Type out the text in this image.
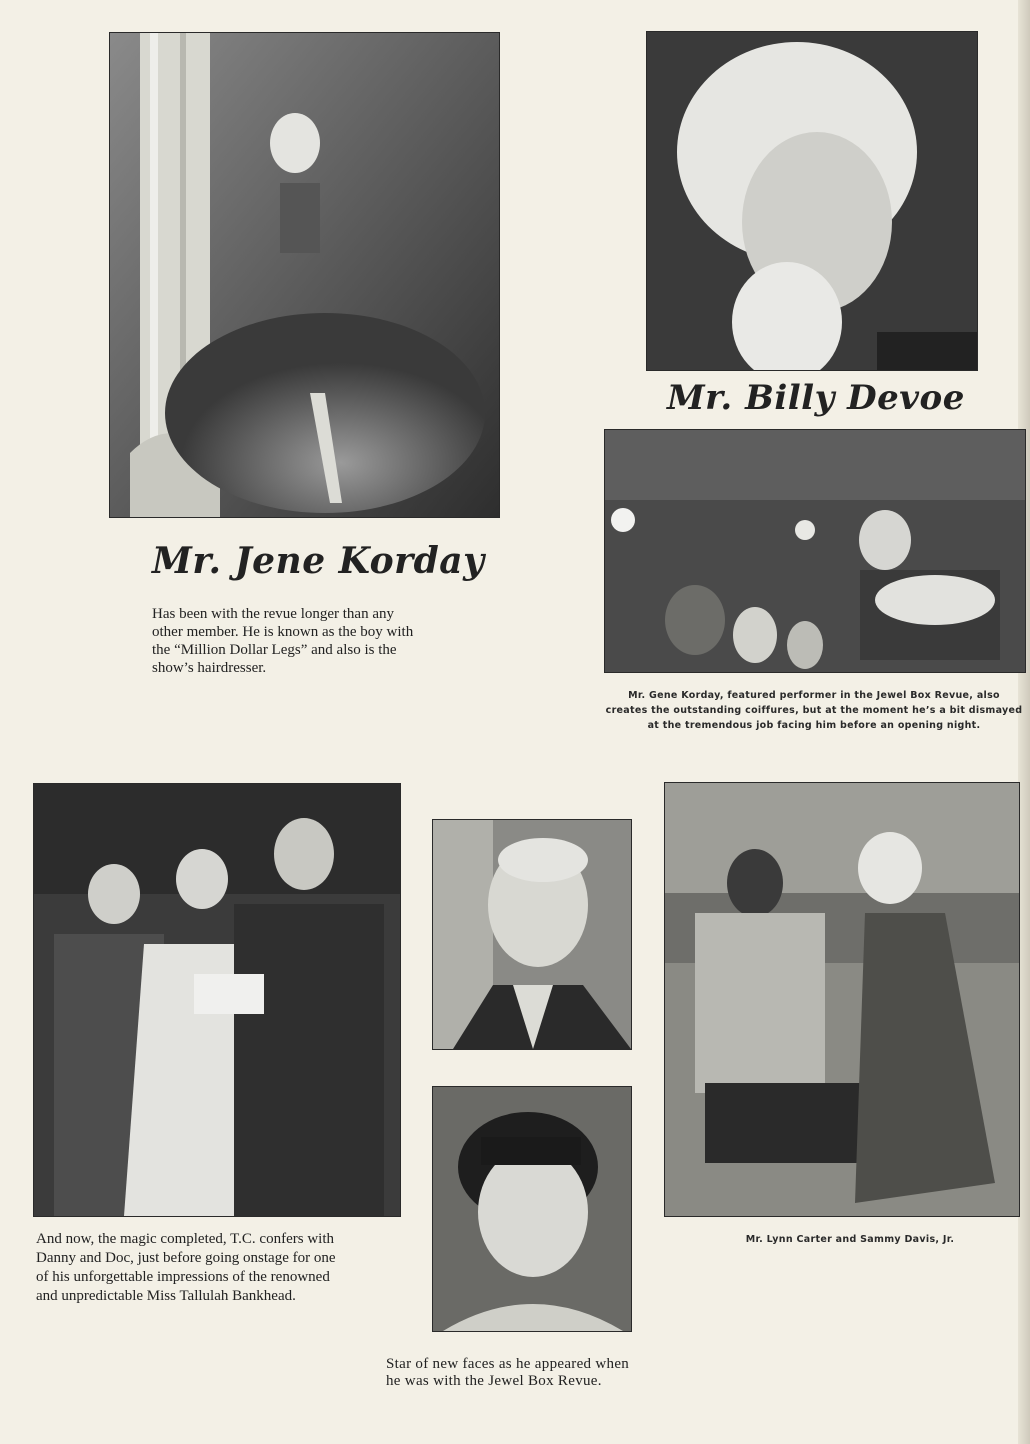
Mr. Billy Devoe
Mr. Gene Korday, featured performer in the Jewel Box Revue, also
creates the outstanding coiffures, but at the moment he’s a bit dismayed
at the tremendous job facing him before an opening night.
Mr. Jene Korday
Has been with the revue longer than any
other member. He is known as the boy with
the “Million Dollar Legs” and also is the
show’s hairdresser.
And now, the magic completed, T.C. confers with
Danny and Doc, just before going onstage for one
of his unforgettable impressions of the renowned
and unpredictable Miss Tallulah Bankhead.
Star of new faces as he appeared when
he was with the Jewel Box Revue.
Mr. Lynn Carter and Sammy Davis, Jr.
